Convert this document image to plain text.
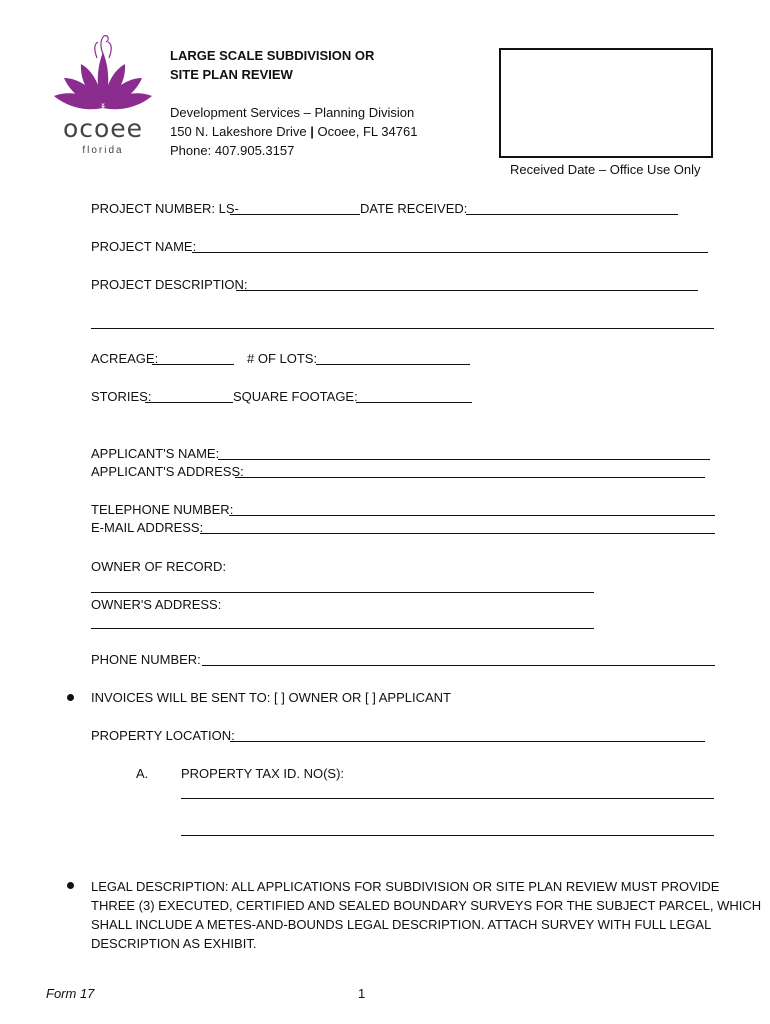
ocoee
florida
LARGE SCALE SUBDIVISION OR
SITE PLAN REVIEW
Development Services – Planning Division
150 N. Lakeshore Drive | Ocoee, FL 34761
Phone: 407.905.3157
Received Date – Office Use Only
PROJECT NUMBER: LS-	DATE RECEIVED:
PROJECT NAME:
PROJECT DESCRIPTION:
ACREAGE:	# OF LOTS:
STORIES:	SQUARE FOOTAGE:
APPLICANT'S NAME:
APPLICANT'S ADDRESS:
TELEPHONE NUMBER:
E-MAIL ADDRESS:
OWNER OF RECORD:
OWNER'S ADDRESS:
PHONE NUMBER:
INVOICES WILL BE SENT TO: [ ] OWNER OR [ ] APPLICANT
PROPERTY LOCATION:
A.	PROPERTY TAX ID. NO(S):
LEGAL DESCRIPTION: ALL APPLICATIONS FOR SUBDIVISION OR SITE PLAN REVIEW MUST PROVIDE
THREE (3) EXECUTED, CERTIFIED AND SEALED BOUNDARY SURVEYS FOR THE SUBJECT PARCEL, WHICH
SHALL INCLUDE A METES-AND-BOUNDS LEGAL DESCRIPTION. ATTACH SURVEY WITH FULL LEGAL
DESCRIPTION AS EXHIBIT.
Form 17	1
